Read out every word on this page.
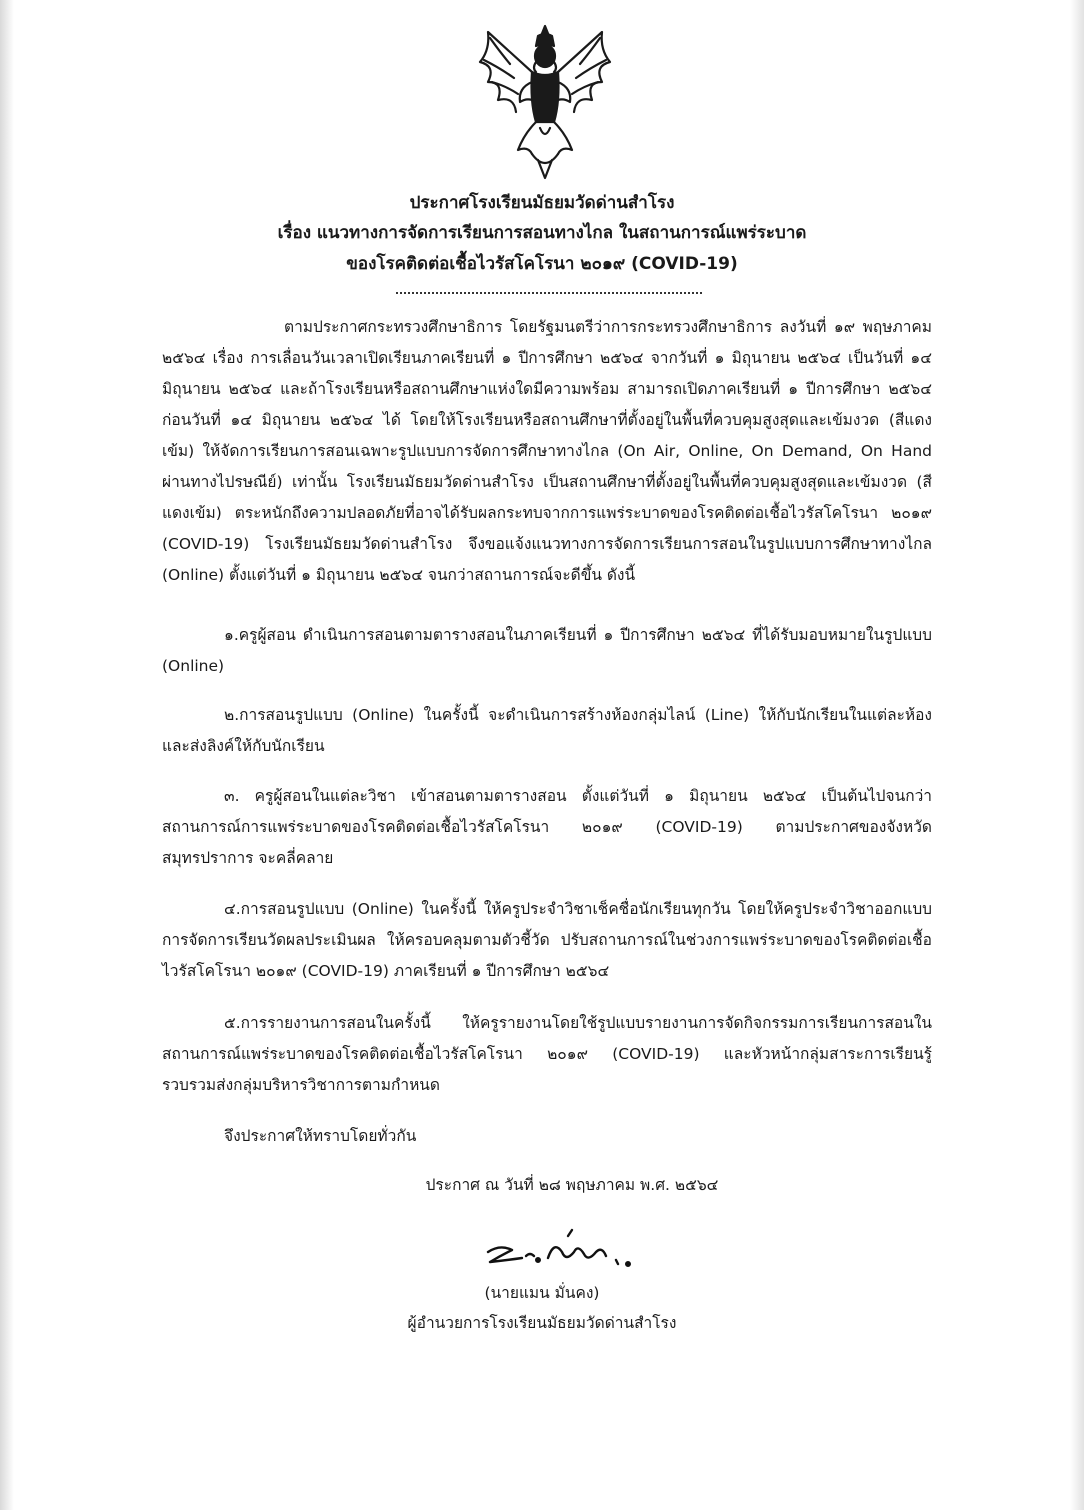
ประกาศโรงเรียนมัธยมวัดด่านสำโรง
เรื่อง แนวทางการจัดการเรียนการสอนทางไกล ในสถานการณ์แพร่ระบาด
ของโรคติดต่อเชื้อไวรัสโคโรนา ๒๐๑๙ (COVID-19)

ตามประกาศกระทรวงศึกษาธิการ โดยรัฐมนตรีว่าการกระทรวงศึกษาธิการ ลงวันที่ ๑๙ พฤษภาคม ๒๕๖๔ เรื่อง การเลื่อนวันเวลาเปิดเรียนภาคเรียนที่ ๑ ปีการศึกษา ๒๕๖๔ จากวันที่ ๑ มิถุนายน ๒๕๖๔ เป็นวันที่ ๑๔ มิถุนายน ๒๕๖๔ และถ้าโรงเรียนหรือสถานศึกษาแห่งใดมีความพร้อม สามารถเปิดภาคเรียนที่ ๑ ปีการศึกษา ๒๕๖๔ ก่อนวันที่ ๑๔ มิถุนายน ๒๕๖๔ ได้ โดยให้โรงเรียนหรือสถานศึกษาที่ตั้งอยู่ในพื้นที่ควบคุมสูงสุดและเข้มงวด (สีแดงเข้ม) ให้จัดการเรียนการสอนเฉพาะรูปแบบการจัดการศึกษาทางไกล (On Air, Online, On Demand, On Hand ผ่านทางไปรษณีย์) เท่านั้น โรงเรียนมัธยมวัดด่านสำโรง เป็นสถานศึกษาที่ตั้งอยู่ในพื้นที่ควบคุมสูงสุดและเข้มงวด (สีแดงเข้ม) ตระหนักถึงความปลอดภัยที่อาจได้รับผลกระทบจากการแพร่ระบาดของโรคติดต่อเชื้อไวรัสโคโรนา ๒๐๑๙ (COVID-19) โรงเรียนมัธยมวัดด่านสำโรง จึงขอแจ้งแนวทางการจัดการเรียนการสอนในรูปแบบการศึกษาทางไกล (Online) ตั้งแต่วันที่ ๑ มิถุนายน ๒๕๖๔ จนกว่าสถานการณ์จะดีขึ้น ดังนี้

๑.ครูผู้สอน ดำเนินการสอนตามตารางสอนในภาคเรียนที่ ๑ ปีการศึกษา ๒๕๖๔ ที่ได้รับมอบหมายในรูปแบบ (Online)

๒.การสอนรูปแบบ (Online) ในครั้งนี้ จะดำเนินการสร้างห้องกลุ่มไลน์ (Line) ให้กับนักเรียนในแต่ละห้องและส่งลิงค์ให้กับนักเรียน

๓. ครูผู้สอนในแต่ละวิชา เข้าสอนตามตารางสอน ตั้งแต่วันที่ ๑ มิถุนายน ๒๕๖๔ เป็นต้นไปจนกว่าสถานการณ์การแพร่ระบาดของโรคติดต่อเชื้อไวรัสโคโรนา ๒๐๑๙ (COVID-19) ตามประกาศของจังหวัดสมุทรปราการ จะคลี่คลาย

๔.การสอนรูปแบบ (Online) ในครั้งนี้ ให้ครูประจำวิชาเช็คชื่อนักเรียนทุกวัน โดยให้ครูประจำวิชาออกแบบการจัดการเรียนวัดผลประเมินผล ให้ครอบคลุมตามตัวชี้วัด ปรับสถานการณ์ในช่วงการแพร่ระบาดของโรคติดต่อเชื้อไวรัสโคโรนา ๒๐๑๙ (COVID-19) ภาคเรียนที่ ๑ ปีการศึกษา ๒๕๖๔

๕.การรายงานการสอนในครั้งนี้ ให้ครูรายงานโดยใช้รูปแบบรายงานการจัดกิจกรรมการเรียนการสอนในสถานการณ์แพร่ระบาดของโรคติดต่อเชื้อไวรัสโคโรนา ๒๐๑๙ (COVID-19) และหัวหน้ากลุ่มสาระการเรียนรู้ รวบรวมส่งกลุ่มบริหารวิชาการตามกำหนด

จึงประกาศให้ทราบโดยทั่วกัน

ประกาศ ณ วันที่ ๒๘ พฤษภาคม พ.ศ. ๒๕๖๔
(นายแมน มั่นคง)
ผู้อำนวยการโรงเรียนมัธยมวัดด่านสำโรง
